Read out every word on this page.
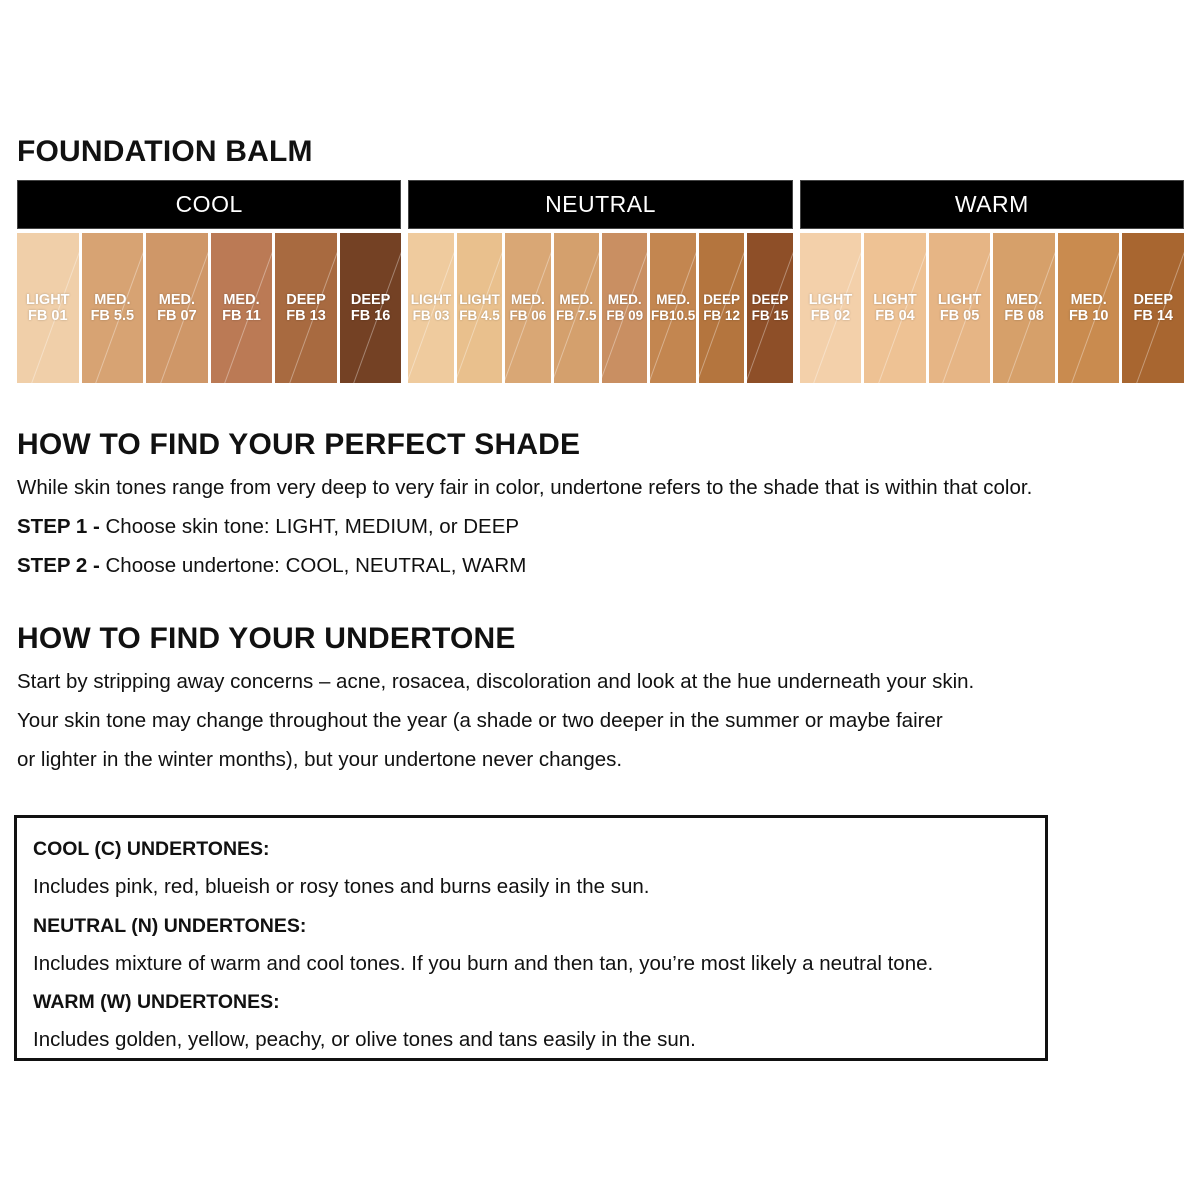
FOUNDATION BALM
COOL
LIGHT
FB 01
MED.
FB 5.5
MED.
FB 07
MED.
FB 11
DEEP
FB 13
DEEP
FB 16
NEUTRAL
LIGHT
FB 03
LIGHT
FB 4.5
MED.
FB 06
MED.
FB 7.5
MED.
FB 09
MED.
FB10.5
DEEP
FB 12
DEEP
FB 15
WARM
LIGHT
FB 02
LIGHT
FB 04
LIGHT
FB 05
MED.
FB 08
MED.
FB 10
DEEP
FB 14
HOW TO FIND YOUR PERFECT SHADE

While skin tones range from very deep to very fair in color, undertone refers to the shade that is within that color.

STEP 1 - Choose skin tone: LIGHT, MEDIUM, or DEEP

STEP 2 - Choose undertone: COOL, NEUTRAL, WARM

HOW TO FIND YOUR UNDERTONE

Start by stripping away concerns – acne, rosacea, discoloration and look at the hue underneath your skin.

Your skin tone may change throughout the year (a shade or two deeper in the summer or maybe fairer

or lighter in the winter months), but your undertone never changes.

COOL (C) UNDERTONES:

Includes pink, red, blueish or rosy tones and burns easily in the sun.

NEUTRAL (N) UNDERTONES:

Includes mixture of warm and cool tones. If you burn and then tan, you’re most likely a neutral tone.

WARM (W) UNDERTONES:

Includes golden, yellow, peachy, or olive tones and tans easily in the sun.
